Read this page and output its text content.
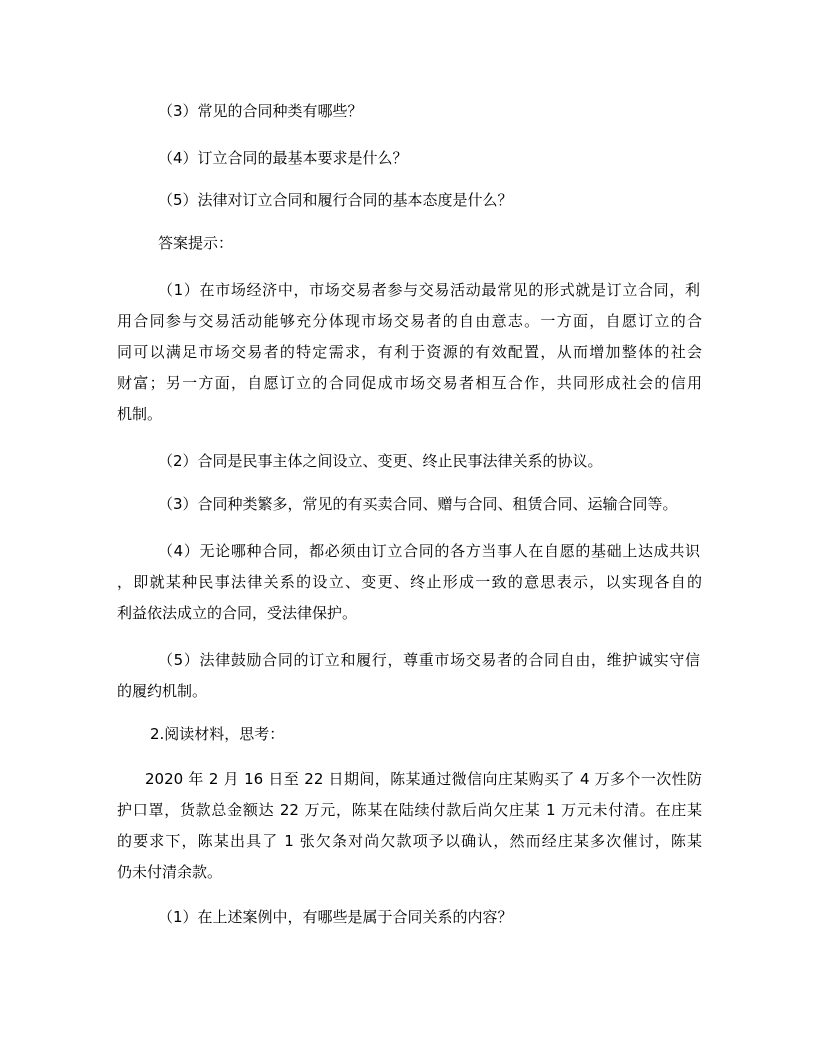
（3）常见的合同种类有哪些？
（4）订立合同的最基本要求是什么？
（5）法律对订立合同和履行合同的基本态度是什么？
答案提示：
（1）在市场经济中，市场交易者参与交易活动最常见的形式就是订立合同，利
用合同参与交易活动能够充分体现市场交易者的自由意志。一方面，自愿订立的合
同可以满足市场交易者的特定需求，有利于资源的有效配置，从而增加整体的社会
财富；另一方面，自愿订立的合同促成市场交易者相互合作，共同形成社会的信用
机制。
（2）合同是民事主体之间设立、变更、终止民事法律关系的协议。
（3）合同种类繁多，常见的有买卖合同、赠与合同、租赁合同、运输合同等。
（4）无论哪种合同，都必须由订立合同的各方当事人在自愿的基础上达成共识
，即就某种民事法律关系的设立、变更、终止形成一致的意思表示，以实现各自的
利益依法成立的合同，受法律保护。
（5）法律鼓励合同的订立和履行，尊重市场交易者的合同自由，维护诚实守信
的履约机制。
2.阅读材料，思考：
2020 年 2 月 16 日至 22 日期间，陈某通过微信向庄某购买了 4 万多个一次性防
护口罩，货款总金额达 22 万元，陈某在陆续付款后尚欠庄某 1 万元未付清。在庄某
的要求下，陈某出具了 1 张欠条对尚欠款项予以确认，然而经庄某多次催讨，陈某
仍未付清余款。
（1）在上述案例中，有哪些是属于合同关系的内容？
